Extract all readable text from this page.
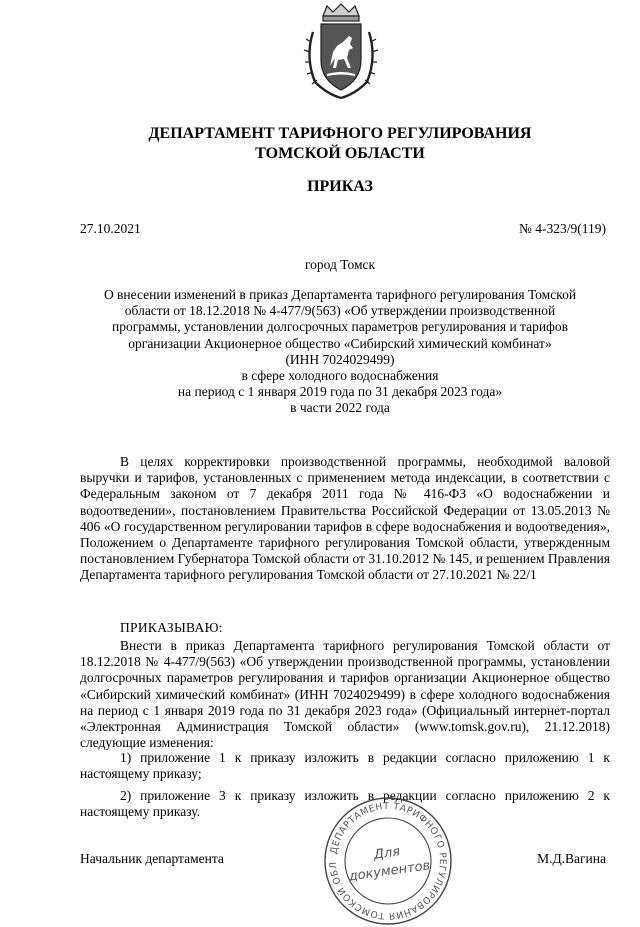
ДЕПАРТАМЕНТ ТАРИФНОГО РЕГУЛИРОВАНИЯ
ТОМСКОЙ ОБЛАСТИ
ПРИКАЗ
27.10.2021	№ 4-323/9(119)
город Томск
О внесении изменений в приказ Департамента тарифного регулирования Томской
области от 18.12.2018 № 4-477/9(563) «Об утверждении производственной
программы, установлении долгосрочных параметров регулирования и тарифов
организации Акционерное общество «Сибирский химический комбинат»
(ИНН 7024029499)
в сфере холодного водоснабжения
на период с 1 января 2019 года по 31 декабря 2023 года»
в части 2022 года
В целях корректировки производственной программы, необходимой валовой выручки и тарифов, установленных с применением метода индексации, в соответствии с Федеральным законом от 7 декабря 2011 года № 416-ФЗ «О водоснабжении и водоотведении», постановлением Правительства Российской Федерации от 13.05.2013 № 406 «О государственном регулировании тарифов в сфере водоснабжения и водоотведения», Положением о Департаменте тарифного регулирования Томской области, утвержденным постановлением Губернатора Томской области от 31.10.2012 № 145, и решением Правления Департамента тарифного регулирования Томской области от 27.10.2021 № 22/1
ПРИКАЗЫВАЮ:
Внести в приказ Департамента тарифного регулирования Томской области от 18.12.2018 № 4-477/9(563) «Об утверждении производственной программы, установлении долгосрочных параметров регулирования и тарифов организации Акционерное общество «Сибирский химический комбинат» (ИНН 7024029499) в сфере холодного водоснабжения на период с 1 января 2019 года по 31 декабря 2023 года» (Официальный интернет-портал «Электронная Администрация Томской области» (www.tomsk.gov.ru), 21.12.2018) следующие изменения:
1) приложение 1 к приказу изложить в редакции согласно приложению 1 к настоящему приказу;
2) приложение 3 к приказу изложить в редакции согласно приложению 2 к настоящему приказу.
ДЕПАРТАМЕНТ ТАРИФНОГО РЕГУЛИРОВАНИЯ ТОМСКОЙ ОБЛ
Для
документов
Начальник департамента	М.Д.Вагина
